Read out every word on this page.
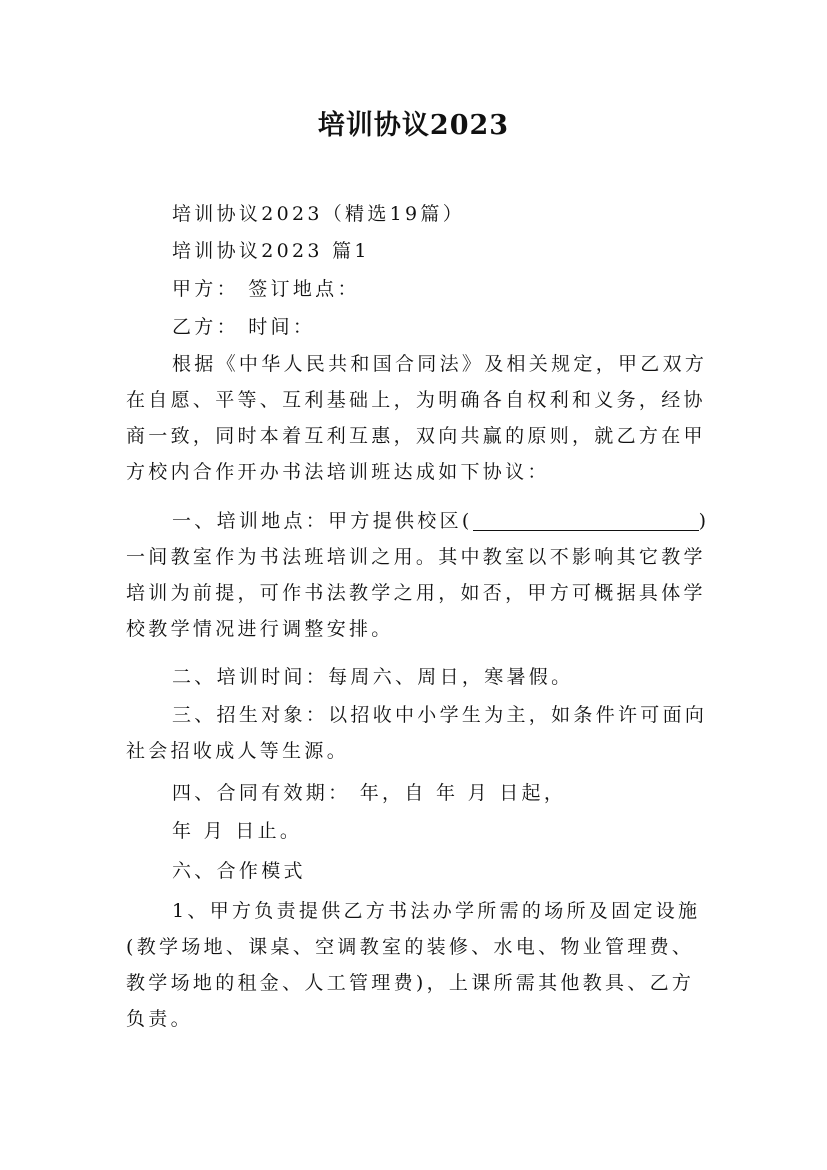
培训协议2023

培训协议2023（精选19篇）

培训协议2023 篇1

甲方： 签订地点：

乙方： 时间：

根据《中华人民共和国合同法》及相关规定，甲乙双方在自愿、平等、互利基础上，为明确各自权利和义务，经协商一致，同时本着互利互惠，双向共赢的原则，就乙方在甲方校内合作开办书法培训班达成如下协议：

一、培训地点：甲方提供校区(	)一间教室作为书法班培训之用。其中教室以不影响其它教学培训为前提，可作书法教学之用，如否，甲方可概据具体学校教学情况进行调整安排。

二、培训时间：每周六、周日，寒暑假。

三、招生对象：以招收中小学生为主，如条件许可面向社会招收成人等生源。

四、合同有效期： 年，自 年 月 日起，

年 月 日止。

六、合作模式

1、甲方负责提供乙方书法办学所需的场所及固定设施(教学场地、课桌、空调教室的装修、水电、物业管理费、教学场地的租金、人工管理费)，上课所需其他教具、乙方负责。
